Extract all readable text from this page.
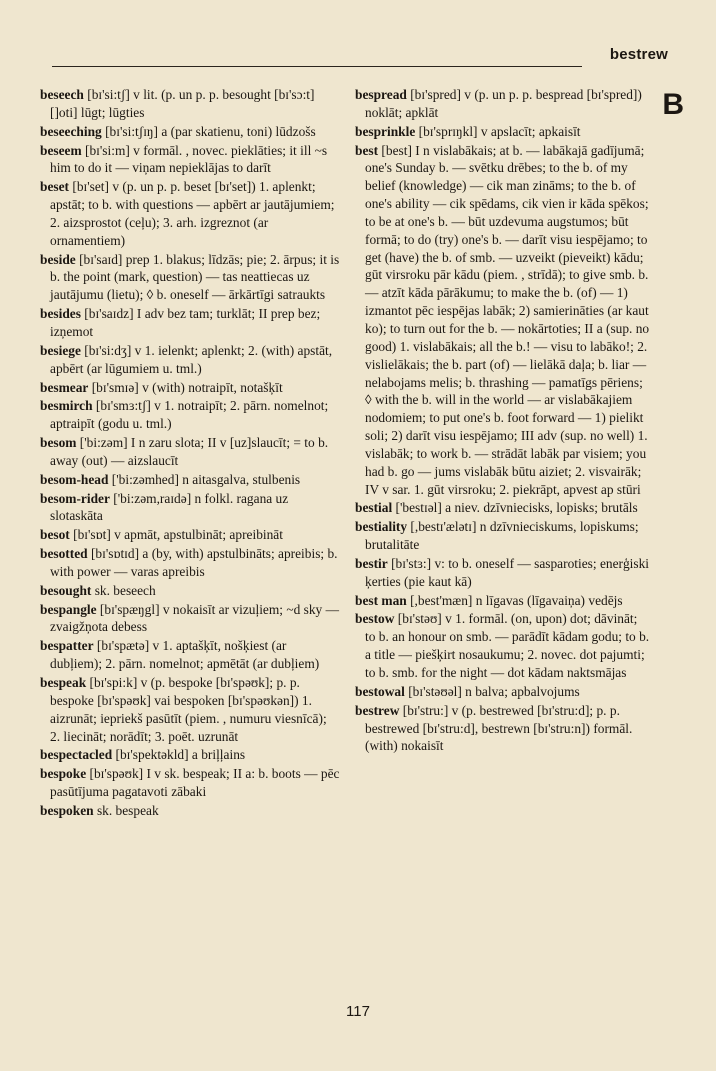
bestrew
B
beseech [bɪ'si:tʃ] v lit. (p. un p. p. besought [bɪ'sɔ:t] []oti] lūgt; lūgties
beseeching [bɪ'si:tʃɪŋ] a (par skatienu, toni) lūdzošs
beseem [bɪ'si:m] v formāl. , novec. pieklāties; it ill ~s him to do it — viņam nepieklājas to darīt
beset [bɪ'set] v (p. un p. p. beset [bɪ'set]) 1. aplenkt; apstāt; to b. with questions — apbērt ar jautājumiem; 2. aizsprostot (ceļu); 3. arh. izgreznot (ar ornamentiem)
beside [bɪ'saɪd] prep 1. blakus; līdzās; pie; 2. ārpus; it is b. the point (mark, question) — tas neattiecas uz jautājumu (lietu); ◊ b. oneself — ārkārtīgi satraukts
besides [bɪ'saɪdz] I adv bez tam; turklāt; II prep bez; izņemot
besiege [bɪ'si:dʒ] v 1. ielenkt; aplenkt; 2. (with) apstāt, apbērt (ar lūgumiem u. tml.)
besmear [bɪ'smɪə] v (with) notraipīt, notašķīt
besmirch [bɪ'smɜ:tʃ] v 1. notraipīt; 2. pārn. nomelnot; aptraipīt (godu u. tml.)
besom ['bi:zəm] I n zaru slota; II v [uz]slaucīt; = to b. away (out) — aizslaucīt
besom-head ['bi:zəmhed] n aitasgalva, stulbenis
besom-rider ['bi:zəm,raɪdə] n folkl. ragana uz slotaskāta
besot [bɪ'sɒt] v apmāt, apstulbināt; apreibināt
besotted [bɪ'sɒtɪd] a (by, with) apstulbināts; apreibis; b. with power — varas apreibis
besought sk. beseech
bespangle [bɪ'spæŋgl] v nokaisīt ar vizuļiem; ~d sky — zvaigžņota debess
bespatter [bɪ'spætə] v 1. aptašķīt, nošķiest (ar dubļiem); 2. pārn. nomelnot; apmētāt (ar dubļiem)
bespeak [bɪ'spi:k] v (p. bespoke [bɪ'spəʊk]; p. p. bespoke [bɪ'spəʊk] vai bespoken [bɪ'spəʊkən]) 1. aizrunāt; iepriekš pasūtīt (piem. , numuru viesnīcā); 2. liecināt; norādīt; 3. poēt. uzrunāt
bespectacled [bɪ'spektəkld] a briļļains
bespoke [bɪ'spəʊk] I v sk. bespeak; II a: b. boots — pēc pasūtījuma pagatavoti zābaki
bespoken sk. bespeak
bespread [bɪ'spred] v (p. un p. p. bespread [bɪ'spred]) noklāt; apklāt
besprinkle [bɪ'sprɪŋkl] v apslacīt; apkaisīt
best [best] I n vislabākais; at b. — labākajā gadījumā; one's Sunday b. — svētku drēbes; to the b. of my belief (knowledge) — cik man zināms; to the b. of one's ability — cik spēdams, cik vien ir kāda spēkos; to be at one's b. — būt uzdevuma augstumos; būt formā; to do (try) one's b. — darīt visu iespējamo; to get (have) the b. of smb. — uzveikt (pieveikt) kādu; gūt virsroku pār kādu (piem. , strīdā); to give smb. b. — atzīt kāda pārākumu; to make the b. (of) — 1) izmantot pēc iespējas labāk; 2) samierināties (ar kaut ko); to turn out for the b. — nokārtoties; II a (sup. no good) 1. vislabākais; all the b.! — visu to labāko!; 2. vislielākais; the b. part (of) — lielākā daļa; b. liar — nelabojams melis; b. thrashing — pamatīgs pēriens; ◊ with the b. will in the world — ar vislabākajiem nodomiem; to put one's b. foot forward — 1) pielikt soli; 2) darīt visu iespējamo; III adv (sup. no well) 1. vislabāk; to work b. — strādāt labāk par visiem; you had b. go — jums vislabāk būtu aiziet; 2. visvairāk; IV v sar. 1. gūt virsroku; 2. piekrāpt, apvest ap stūri
bestial ['bestɪəl] a niev. dzīvniecisks, lopisks; brutāls
bestiality [,bestɪ'ælətɪ] n dzīvnieciskums, lopiskums; brutalitāte
bestir [bɪ'stɜ:] v: to b. oneself — sasparoties; enerģiski ķerties (pie kaut kā)
best man [,best'mæn] n līgavas (līgavaiņa) vedējs
bestow [bɪ'stəʊ] v 1. formāl. (on, upon) dot; dāvināt; to b. an honour on smb. — parādīt kādam godu; to b. a title — piešķirt nosaukumu; 2. novec. dot pajumti; to b. smb. for the night — dot kādam naktsmājas
bestowal [bɪ'stəʊəl] n balva; apbalvojums
bestrew [bɪ'stru:] v (p. bestrewed [bɪ'stru:d]; p. p. bestrewed [bɪ'stru:d], bestrewn [bɪ'stru:n]) formāl. (with) nokaisīt
117
